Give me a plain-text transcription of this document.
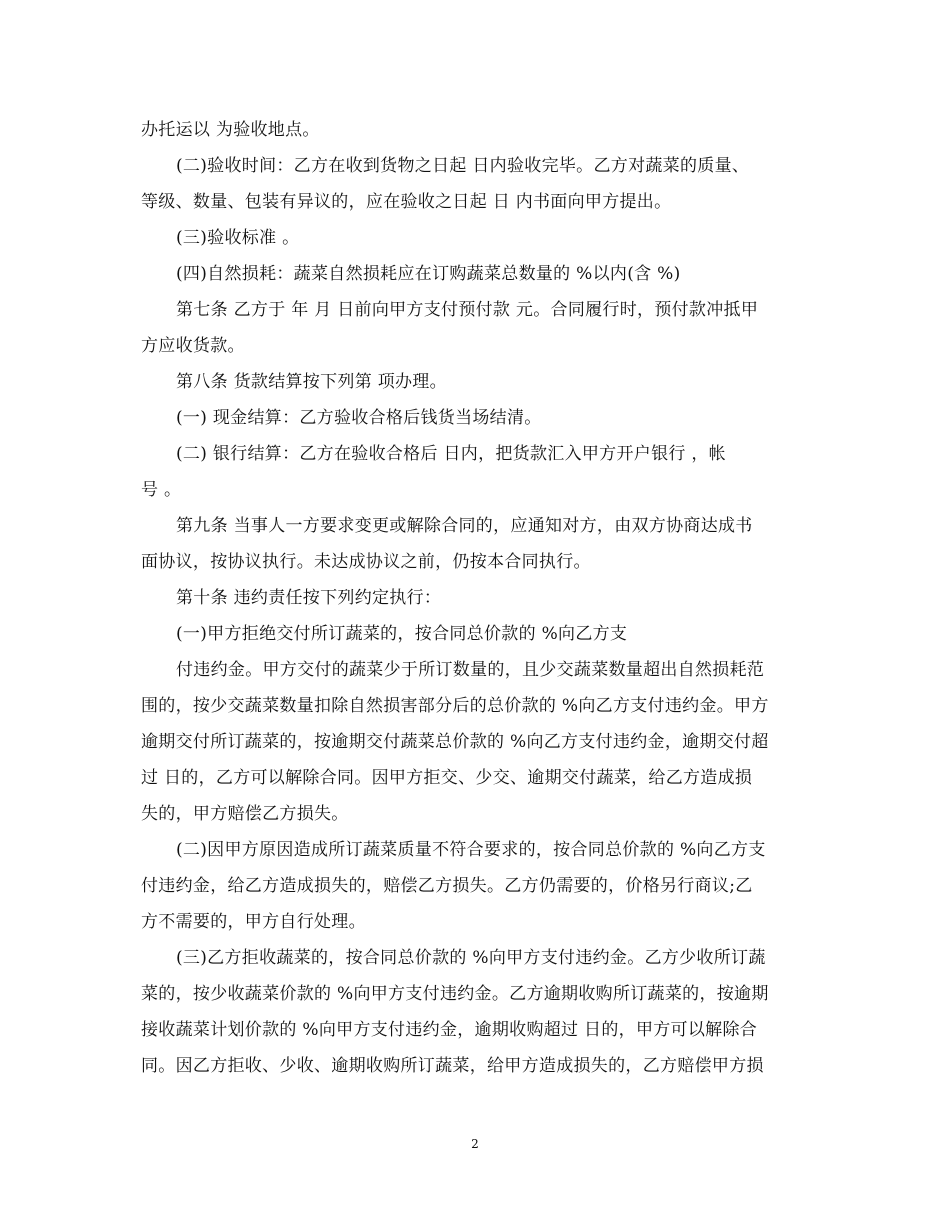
办托运以 为验收地点。
(二)验收时间：乙方在收到货物之日起 日内验收完毕。乙方对蔬菜的质量、
等级、数量、包装有异议的，应在验收之日起 日 内书面向甲方提出。
(三)验收标准 。
(四)自然损耗：蔬菜自然损耗应在订购蔬菜总数量的 %以内(含 %)
第七条 乙方于 年 月 日前向甲方支付预付款 元。合同履行时，预付款冲抵甲
方应收货款。
第八条 货款结算按下列第 项办理。
(一) 现金结算：乙方验收合格后钱货当场结清。
(二) 银行结算：乙方在验收合格后 日内，把货款汇入甲方开户银行 ，帐
号 。
第九条 当事人一方要求变更或解除合同的，应通知对方，由双方协商达成书
面协议，按协议执行。未达成协议之前，仍按本合同执行。
第十条 违约责任按下列约定执行：
(一)甲方拒绝交付所订蔬菜的，按合同总价款的 %向乙方支
付违约金。甲方交付的蔬菜少于所订数量的，且少交蔬菜数量超出自然损耗范
围的，按少交蔬菜数量扣除自然损害部分后的总价款的 %向乙方支付违约金。甲方
逾期交付所订蔬菜的，按逾期交付蔬菜总价款的 %向乙方支付违约金，逾期交付超
过 日的，乙方可以解除合同。因甲方拒交、少交、逾期交付蔬菜，给乙方造成损
失的，甲方赔偿乙方损失。
(二)因甲方原因造成所订蔬菜质量不符合要求的，按合同总价款的 %向乙方支
付违约金，给乙方造成损失的，赔偿乙方损失。乙方仍需要的，价格另行商议;乙
方不需要的，甲方自行处理。
(三)乙方拒收蔬菜的，按合同总价款的 %向甲方支付违约金。乙方少收所订蔬
菜的，按少收蔬菜价款的 %向甲方支付违约金。乙方逾期收购所订蔬菜的，按逾期
接收蔬菜计划价款的 %向甲方支付违约金，逾期收购超过 日的，甲方可以解除合
同。因乙方拒收、少收、逾期收购所订蔬菜，给甲方造成损失的，乙方赔偿甲方损
2
